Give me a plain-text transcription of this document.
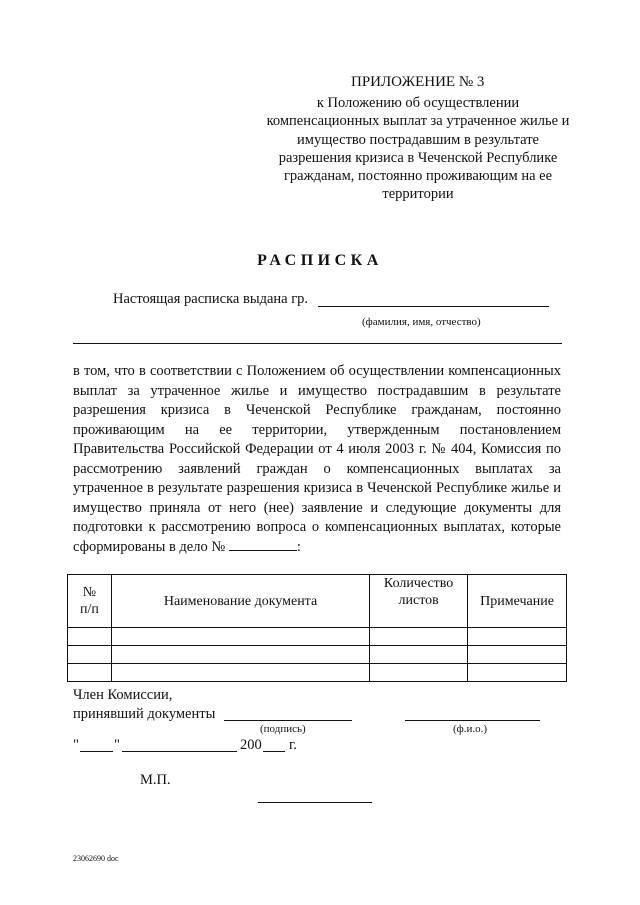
ПРИЛОЖЕНИЕ № 3
к Положению об осуществлении компенсационных выплат за утраченное жилье и имущество пострадавшим в результате разрешения кризиса в Чеченской Республике гражданам, постоянно проживающим на ее территории
РАСПИСКА
Настоящая расписка выдана гр.
(фамилия, имя, отчество)
в том, что в соответствии с Положением об осуществлении компенсационных выплат за утраченное жилье и имущество пострадавшим в результате разрешения кризиса в Чеченской Республике гражданам, постоянно проживающим на ее территории, утвержденным постановлением Правительства Российской Федерации от 4 июля 2003 г. № 404, Комиссия по рассмотрению заявлений граждан о компенсационных выплатах за утраченное в результате разрешения кризиса в Чеченской Республике жилье и имущество приняла от него (нее) заявление и следующие документы для подготовки к рассмотрению вопроса о компенсационных выплатах, которые сформированы в дело №	:
№ п/п	Наименование документа	Количество листов	Примечание

Член Комиссии,
принявший документы
(подпись)	(ф.и.о.)
" "	200 г.
М.П.
23062690 doc
